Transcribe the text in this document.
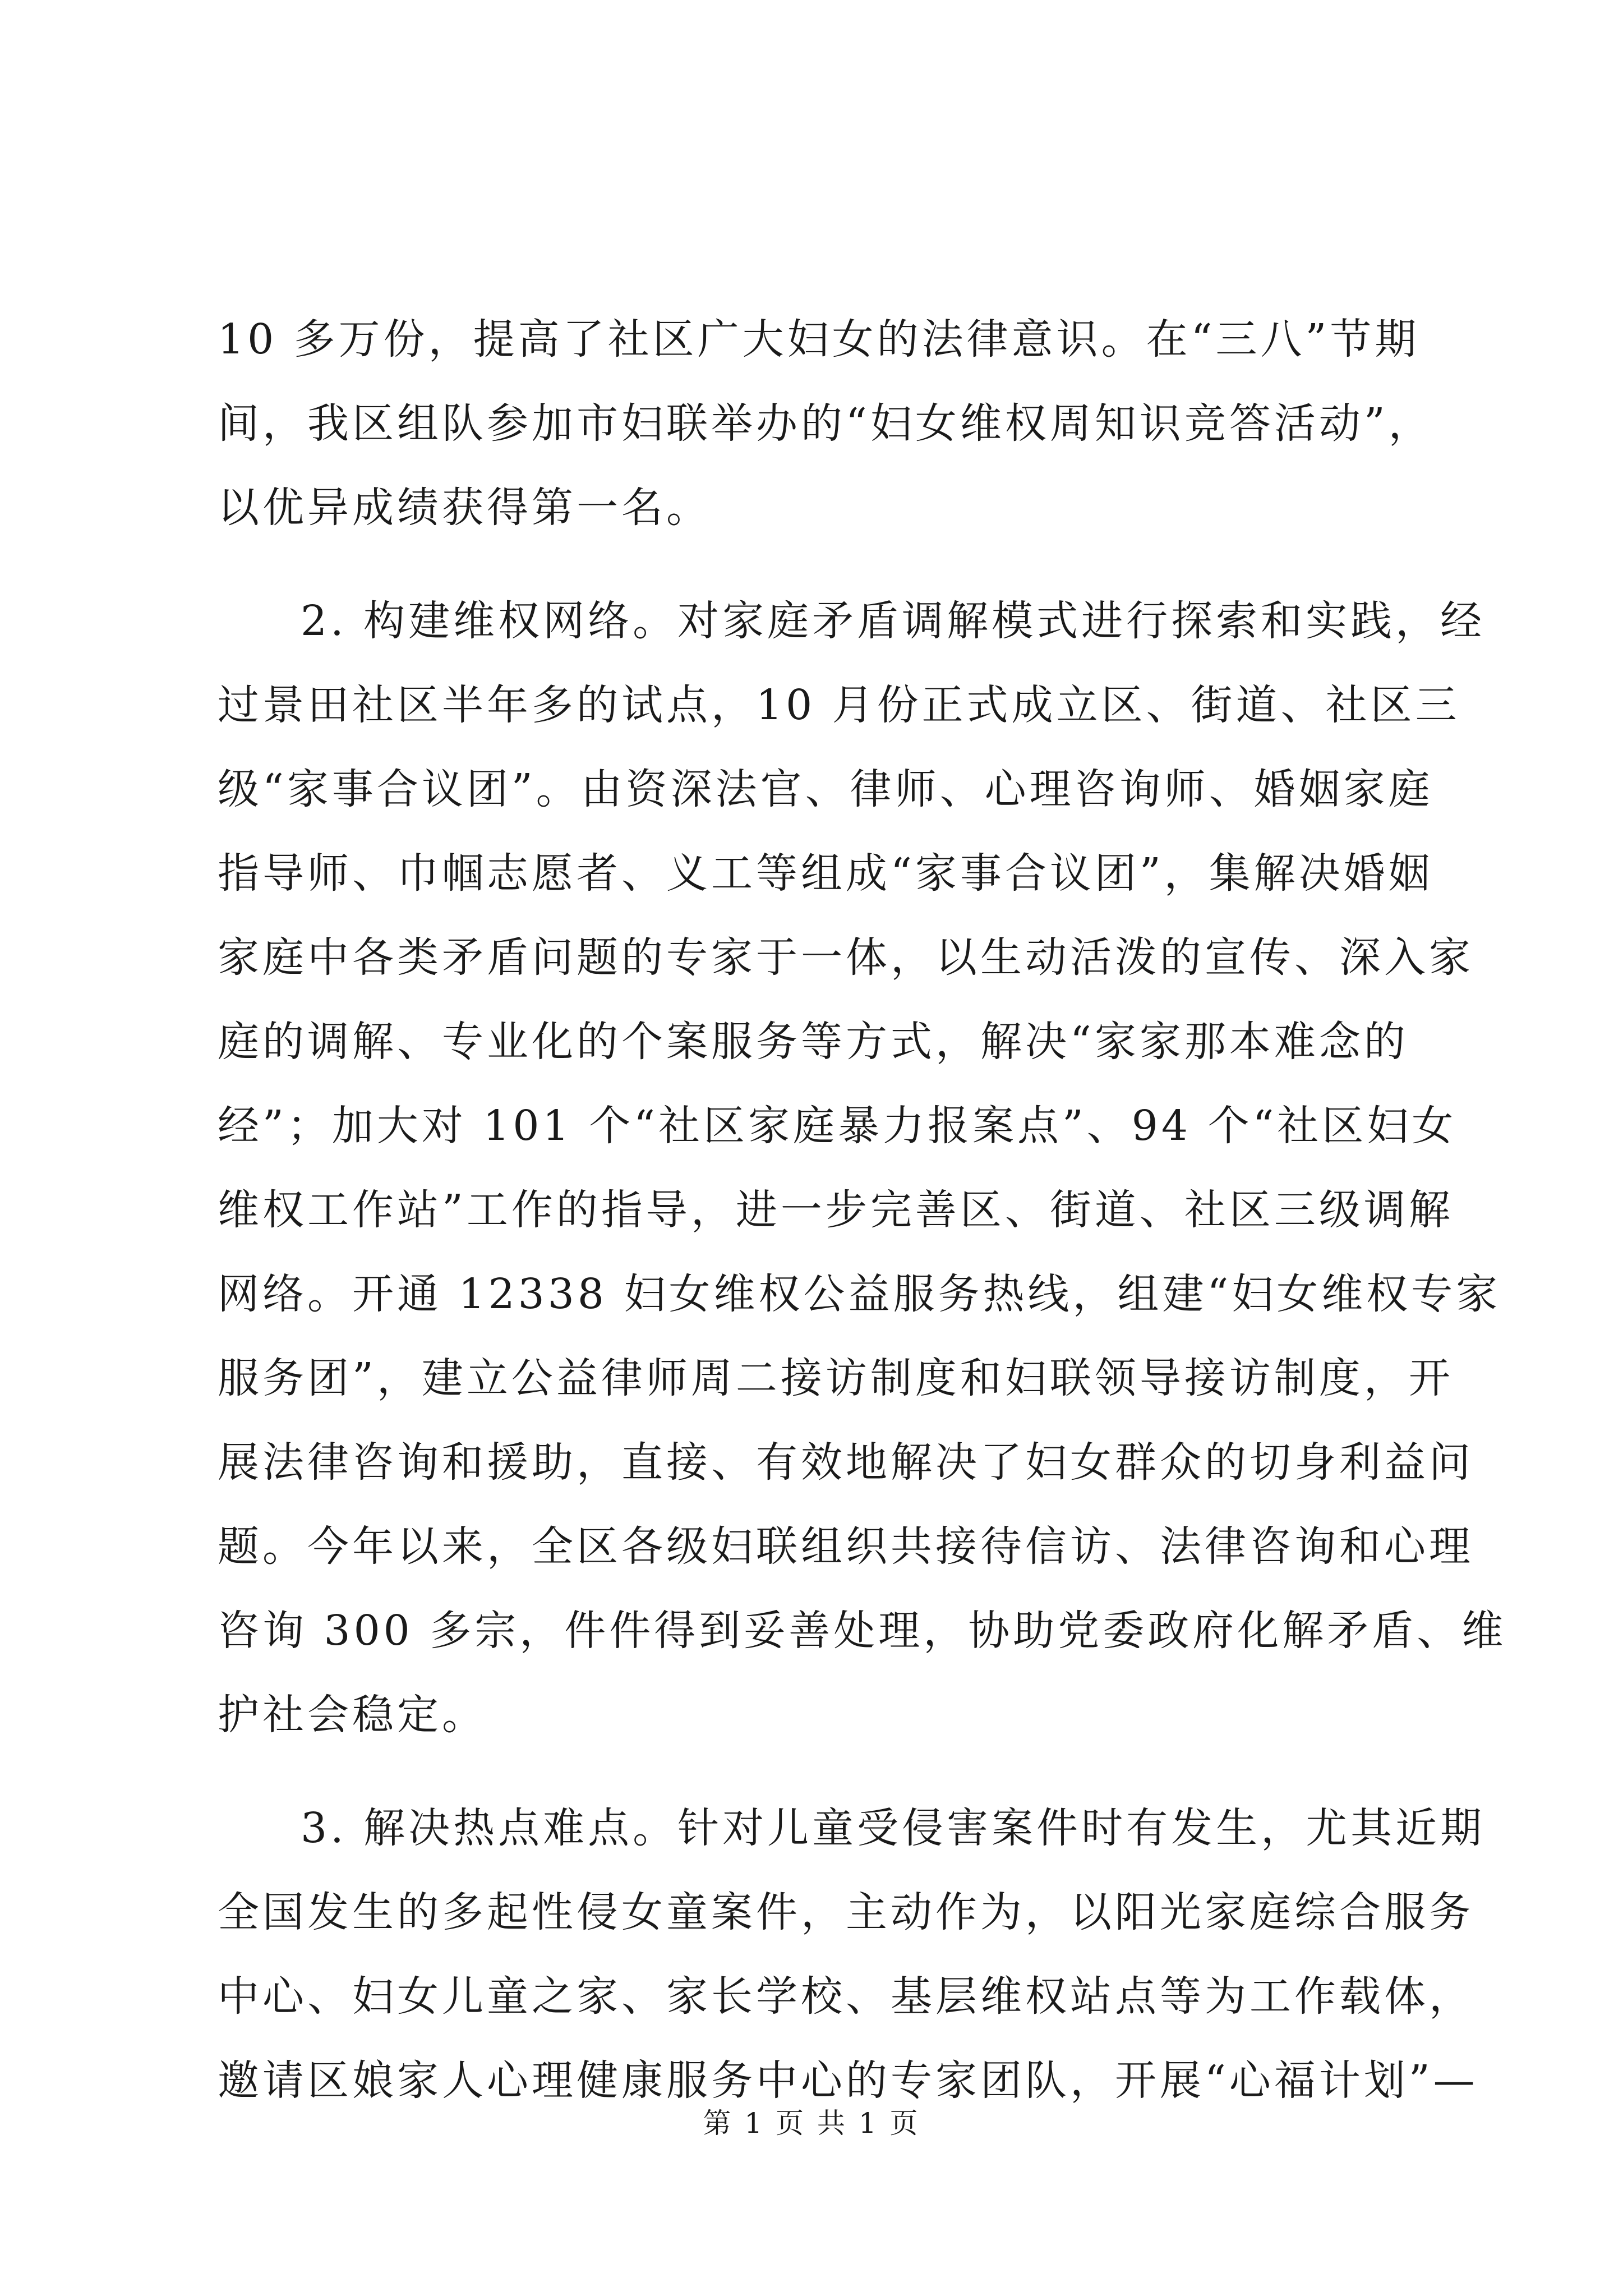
10 多万份，提高了社区广大妇女的法律意识。在“三八”节期
间，我区组队参加市妇联举办的“妇女维权周知识竞答活动”，
以优异成绩获得第一名。
2. 构建维权网络。对家庭矛盾调解模式进行探索和实践，经
过景田社区半年多的试点，10 月份正式成立区、街道、社区三
级“家事合议团”。由资深法官、律师、心理咨询师、婚姻家庭
指导师、巾帼志愿者、义工等组成“家事合议团”，集解决婚姻
家庭中各类矛盾问题的专家于一体，以生动活泼的宣传、深入家
庭的调解、专业化的个案服务等方式，解决“家家那本难念的
经”；加大对 101 个“社区家庭暴力报案点”、94 个“社区妇女
维权工作站”工作的指导，进一步完善区、街道、社区三级调解
网络。开通 12338 妇女维权公益服务热线，组建“妇女维权专家
服务团”，建立公益律师周二接访制度和妇联领导接访制度，开
展法律咨询和援助，直接、有效地解决了妇女群众的切身利益问
题。今年以来，全区各级妇联组织共接待信访、法律咨询和心理
咨询 300 多宗，件件得到妥善处理，协助党委政府化解矛盾、维
护社会稳定。
3. 解决热点难点。针对儿童受侵害案件时有发生，尤其近期
全国发生的多起性侵女童案件，主动作为，以阳光家庭综合服务
中心、妇女儿童之家、家长学校、基层维权站点等为工作载体，
邀请区娘家人心理健康服务中心的专家团队，开展“心福计划”—
第 1 页 共 1 页
